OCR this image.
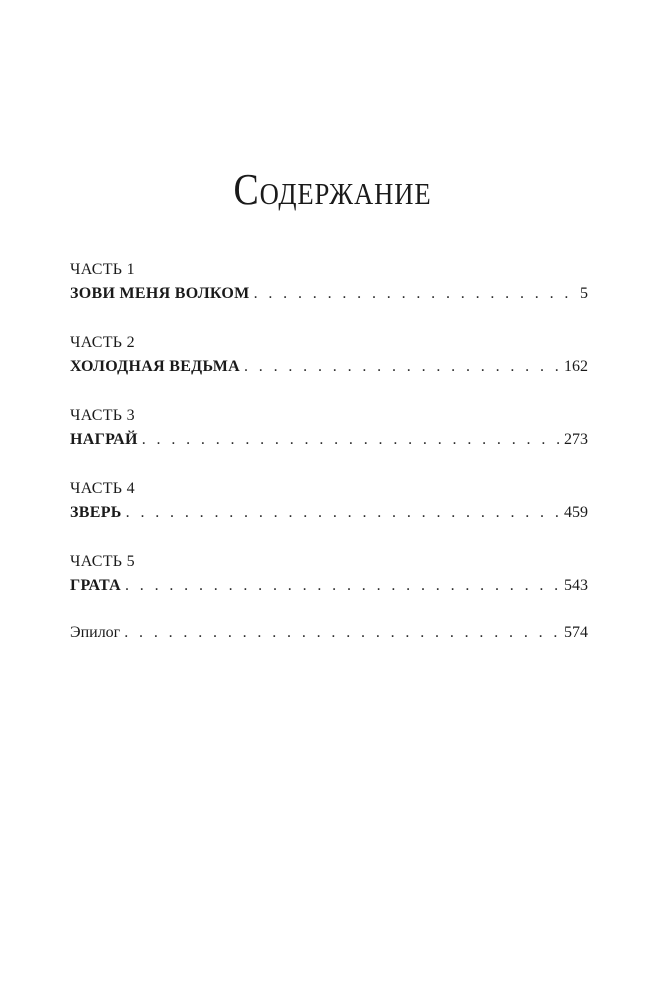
Содержание
ЧАСТЬ 1
ЗОВИ МЕНЯ ВОЛКОМ . . .	5
ЧАСТЬ 2
ХОЛОДНАЯ ВЕДЬМА . . .	162
ЧАСТЬ 3
НАГРАЙ . . .	273
ЧАСТЬ 4
ЗВЕРЬ . . .	459
ЧАСТЬ 5
ГРАТА . . .	543
Эпилог . . .	574
